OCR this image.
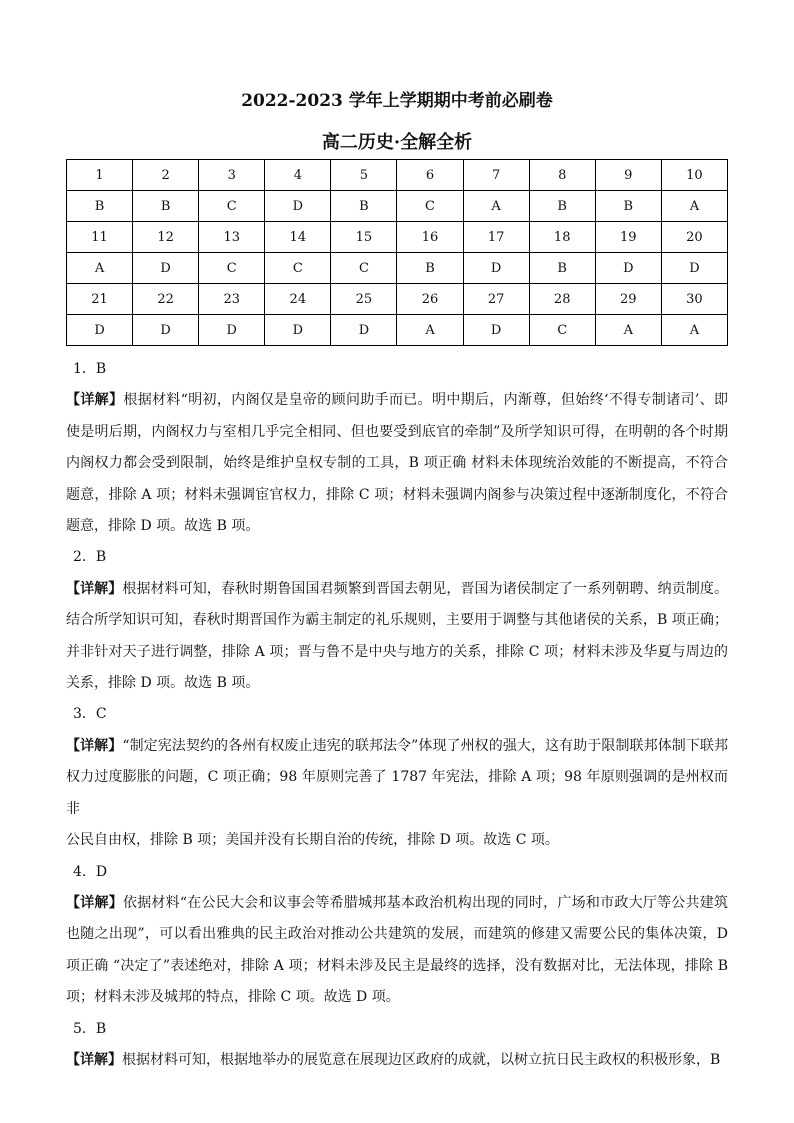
2022-2023 学年上学期期中考前必刷卷
高二历史·全解全析
1	2	3	4	5	6	7	8	9	10
B	B	C	D	B	C	A	B	B	A
11	12	13	14	15	16	17	18	19	20
A	D	C	C	C	B	D	B	D	D
21	22	23	24	25	26	27	28	29	30
D	D	D	D	D	A	D	C	A	A

1．B

【详解】根据材料“明初，内阁仅是皇帝的顾问助手而已。明中期后，内渐尊，但始终‘不得专制诸司’、即

使是明后期，内阁权力与室相几乎完全相同、但也要受到底官的牵制”及所学知识可得，在明朝的各个时期

内阁权力都会受到限制，始终是维护皇权专制的工具，B 项正确 材料未体现统治效能的不断提高，不符合

题意，排除 A 项；材料未强调宦官权力，排除 C 项；材料未强调内阁参与决策过程中逐渐制度化，不符合

题意，排除 D 项。故选 B 项。

2．B

【详解】根据材料可知，春秋时期鲁国国君频繁到晋国去朝见，晋国为诸侯制定了一系列朝聘、纳贡制度。

结合所学知识可知，春秋时期晋国作为霸主制定的礼乐规则，主要用于调整与其他诸侯的关系，B 项正确；

并非针对天子进行调整，排除 A 项；晋与鲁不是中央与地方的关系，排除 C 项；材料未涉及华夏与周边的

关系，排除 D 项。故选 B 项。

3．C

【详解】“制定宪法契约的各州有权废止违宪的联邦法令”体现了州权的强大，这有助于限制联邦体制下联邦

权力过度膨胀的问题，C 项正确；98 年原则完善了 1787 年宪法，排除 A 项；98 年原则强调的是州权而非

公民自由权，排除 B 项；美国并没有长期自治的传统，排除 D 项。故选 C 项。

4．D

【详解】依据材料“在公民大会和议事会等希腊城邦基本政治机构出现的同时，广场和市政大厅等公共建筑

也随之出现”，可以看出雅典的民主政治对推动公共建筑的发展，而建筑的修建又需要公民的集体决策，D

项正确 “决定了”表述绝对，排除 A 项；材料未涉及民主是最终的选择，没有数据对比，无法体现，排除 B

项；材料未涉及城邦的特点，排除 C 项。故选 D 项。

5．B

【详解】根据材料可知，根据地举办的展览意在展现边区政府的成就，以树立抗日民主政权的积极形象，B
